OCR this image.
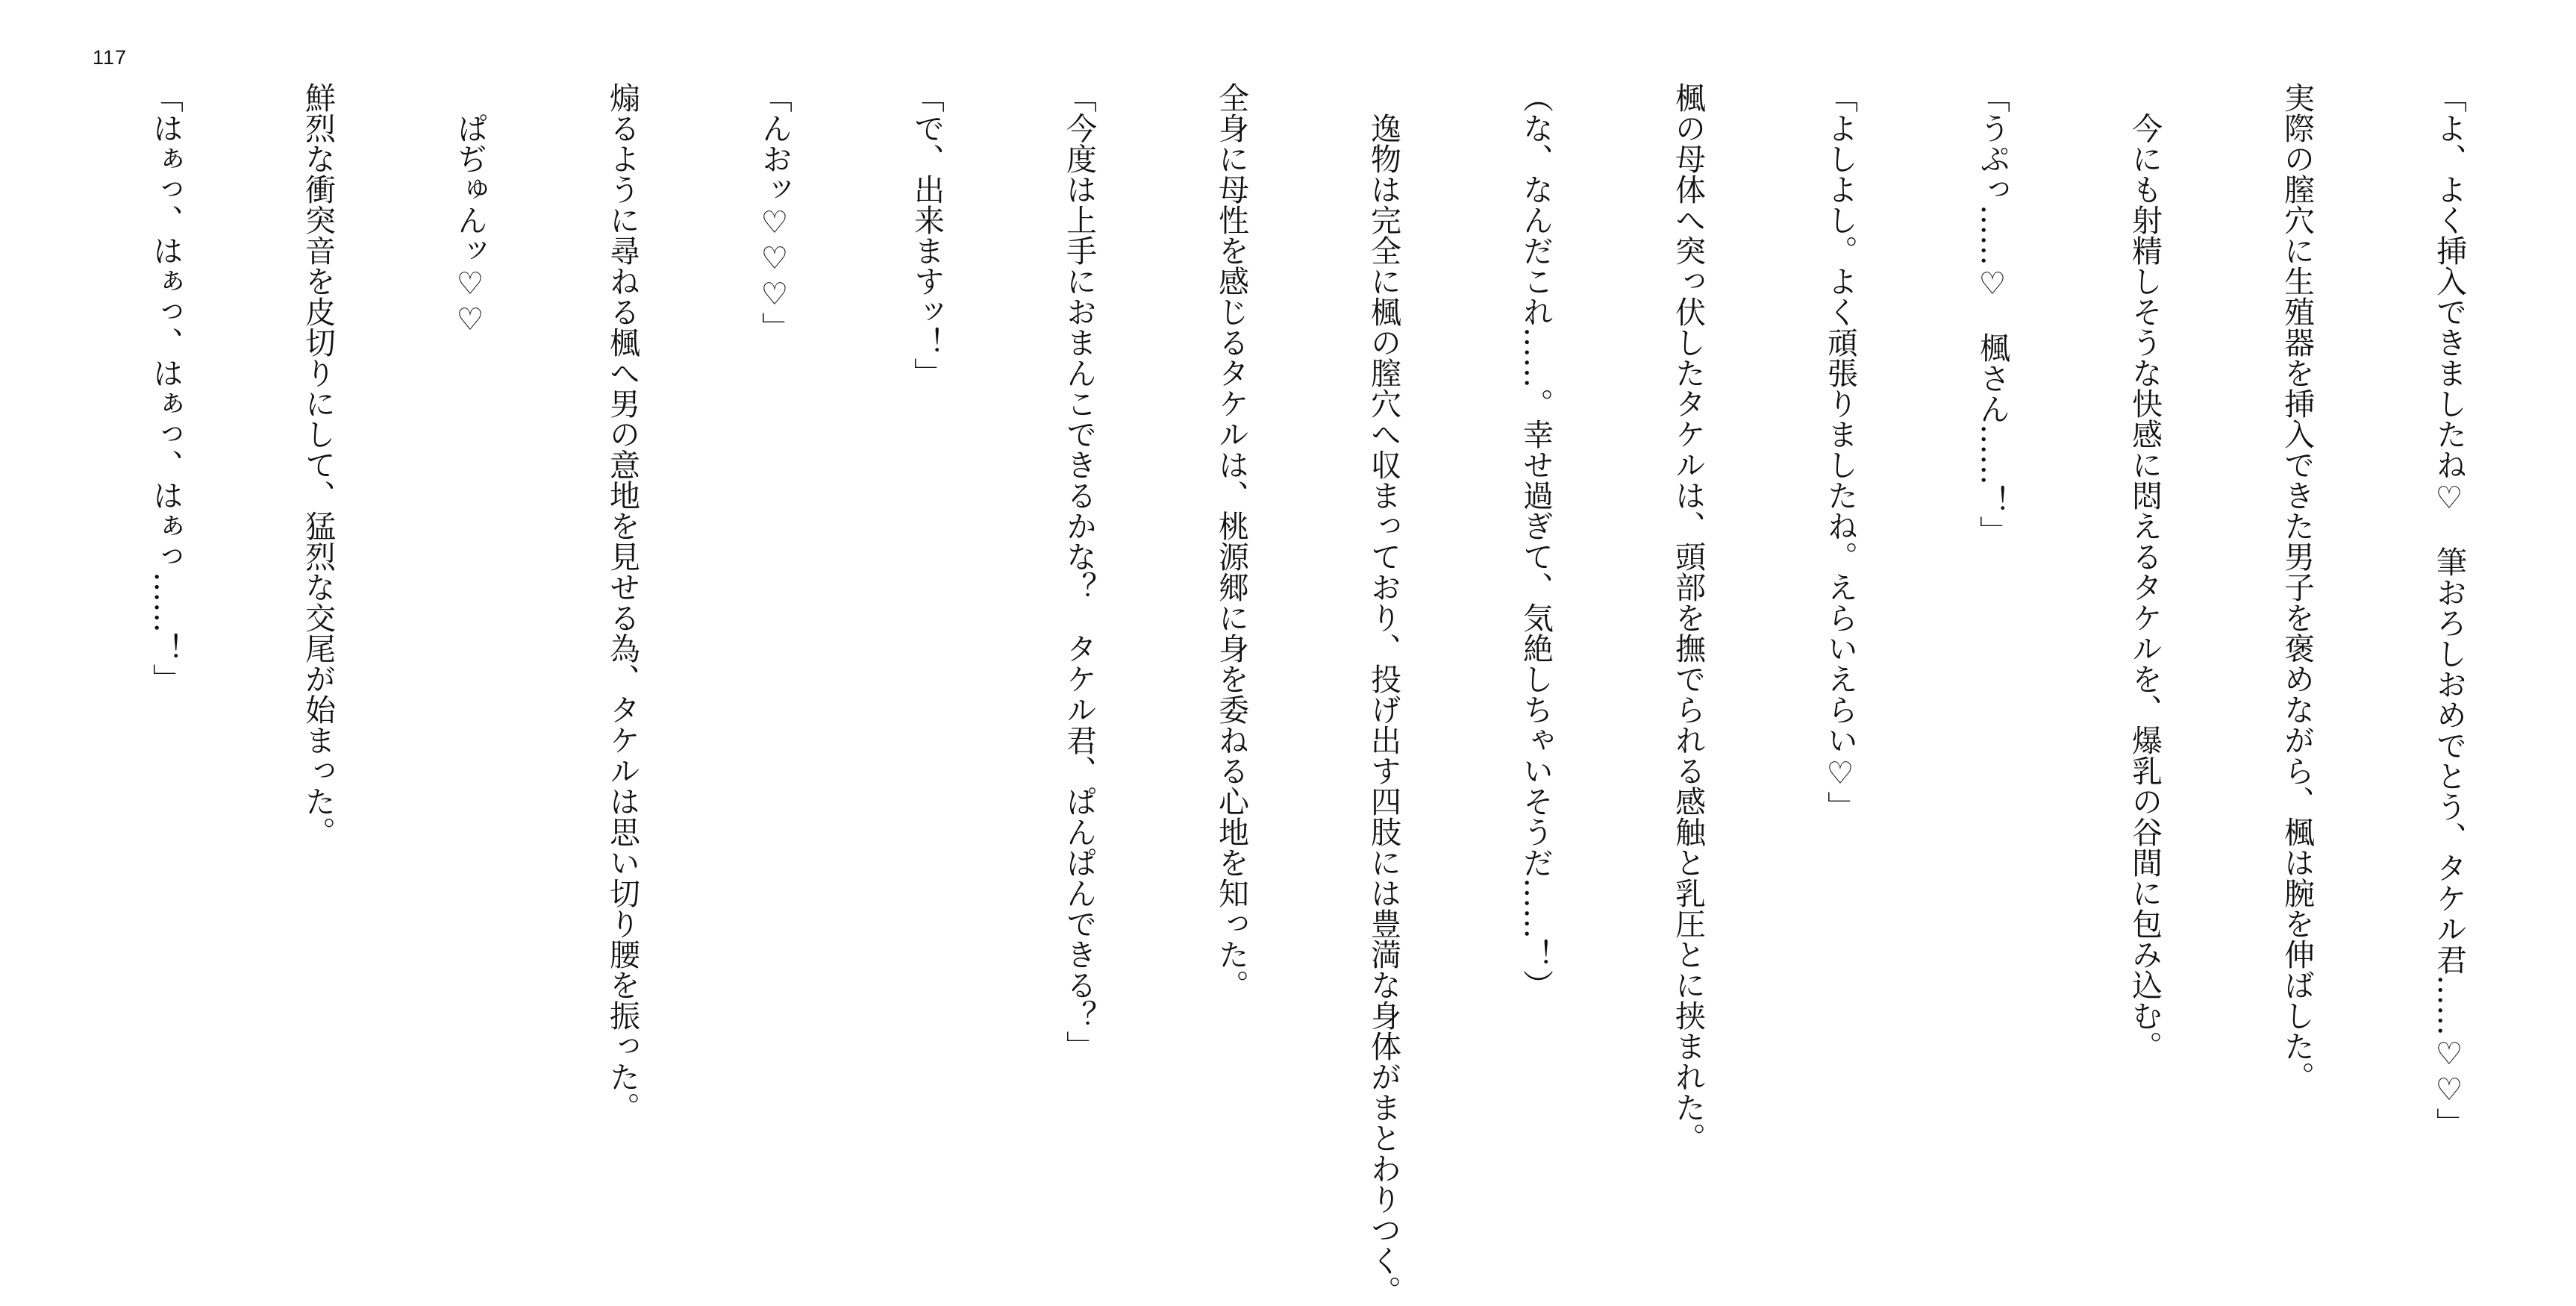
117

「よ、よく挿入できましたね♡　筆おろしおめでとう、タケル君……♡♡」

実際の膣穴に生殖器を挿入できた男子を褒めながら、楓は腕を伸ばした。

今にも射精しそうな快感に悶えるタケルを、爆乳の谷間に包み込む。

「うぷっ……♡　楓さん……！」

「よしよし。よく頑張りましたね。えらいえらい♡」

楓の母体へ突っ伏したタケルは、頭部を撫でられる感触と乳圧とに挟まれた。

（な、なんだこれ……。幸せ過ぎて、気絶しちゃいそうだ……！）

逸物は完全に楓の膣穴へ収まっており、投げ出す四肢には豊満な身体がまとわりつく。

全身に母性を感じるタケルは、桃源郷に身を委ねる心地を知った。

「今度は上手におまんこできるかな？　タケル君、ぱんぱんできる？」

「で、出来ますッ！」

「んおッ♡♡♡」

煽るように尋ねる楓へ男の意地を見せる為、タケルは思い切り腰を振った。

ぱぢゅんッ♡♡

鮮烈な衝突音を皮切りにして、猛烈な交尾が始まった。

「はぁっ、はぁっ、はぁっ、はぁっ……！」
